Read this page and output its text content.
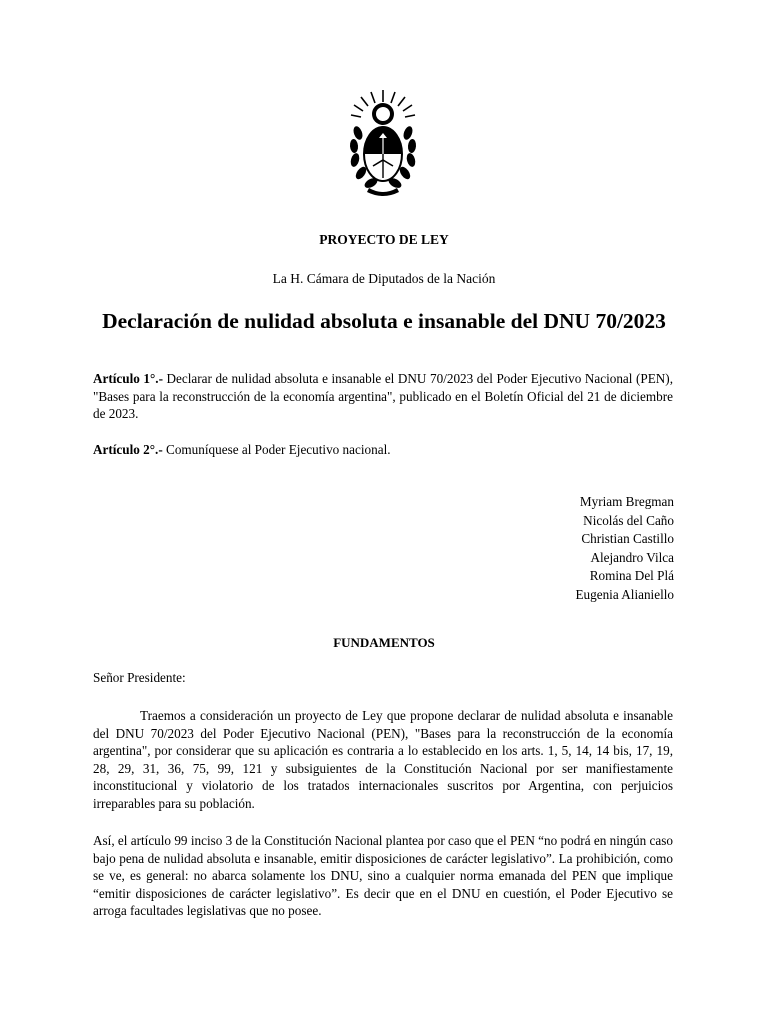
PROYECTO DE LEY
La H. Cámara de Diputados de la Nación
Declaración de nulidad absoluta e insanable del DNU 70/2023
Artículo 1°.- Declarar de nulidad absoluta e insanable el DNU 70/2023 del Poder Ejecutivo Nacional (PEN), "Bases para la reconstrucción de la economía argentina", publicado en el Boletín Oficial del 21 de diciembre de 2023.
Artículo 2°.- Comuníquese al Poder Ejecutivo nacional.
Myriam Bregman
Nicolás del Caño
Christian Castillo
Alejandro Vilca
Romina Del Plá
Eugenia Alianiello
FUNDAMENTOS
Señor Presidente:
Traemos a consideración un proyecto de Ley que propone declarar de nulidad absoluta e insanable del DNU 70/2023 del Poder Ejecutivo Nacional (PEN), "Bases para la reconstrucción de la economía argentina", por considerar que su aplicación es contraria a lo establecido en los arts. 1, 5, 14, 14 bis, 17, 19, 28, 29, 31, 36, 75, 99, 121 y subsiguientes de la Constitución Nacional por ser manifiestamente inconstitucional y violatorio de los tratados internacionales suscritos por Argentina, con perjuicios irreparables para su población.
Así, el artículo 99 inciso 3 de la Constitución Nacional plantea por caso que el PEN “no podrá en ningún caso bajo pena de nulidad absoluta e insanable, emitir disposiciones de carácter legislativo”. La prohibición, como se ve, es general: no abarca solamente los DNU, sino a cualquier norma emanada del PEN que implique “emitir disposiciones de carácter legislativo”. Es decir que en el DNU en cuestión, el Poder Ejecutivo se arroga facultades legislativas que no posee.
